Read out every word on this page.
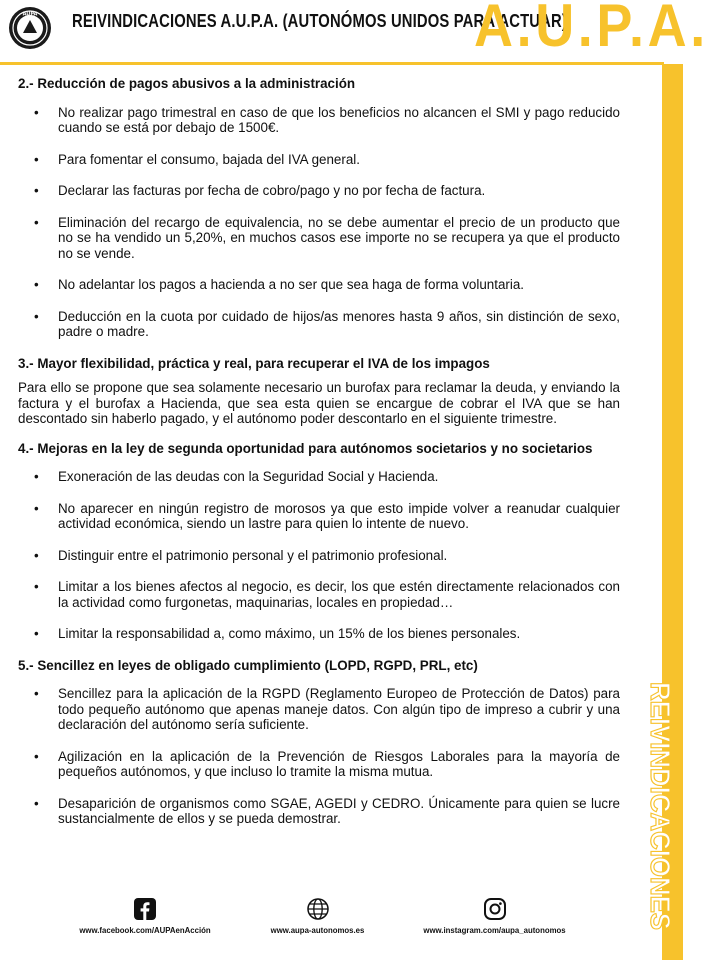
AUPA REIVINDICACIONES A.U.P.A. (AUTONÓMOS UNIDOS PARA ACTUAR)
A.U.P.A.
REIVINDICACIONES
2.- Reducción de pagos abusivos a la administración
• No realizar pago trimestral en caso de que los beneficios no alcancen el SMI y pago reducido cuando se está por debajo de 1500€.
• Para fomentar el consumo, bajada del IVA general.
• Declarar las facturas por fecha de cobro/pago y no por fecha de factura.
• Eliminación del recargo de equivalencia, no se debe aumentar el precio de un producto que no se ha vendido un 5,20%, en muchos casos ese importe no se recupera ya que el producto no se vende.
• No adelantar los pagos a hacienda a no ser que sea haga de forma voluntaria.
• Deducción en la cuota por cuidado de hijos/as menores hasta 9 años, sin distinción de sexo, padre o madre.
3.- Mayor flexibilidad, práctica y real, para recuperar el IVA de los impagos

Para ello se propone que sea solamente necesario un burofax para reclamar la deuda, y enviando la factura y el burofax a Hacienda, que sea esta quien se encargue de cobrar el IVA que se han descontado sin haberlo pagado, y el autónomo poder descontarlo en el siguiente trimestre.

4.- Mejoras en la ley de segunda oportunidad para autónomos societarios y no societarios
• Exoneración de las deudas con la Seguridad Social y Hacienda.
• No aparecer en ningún registro de morosos ya que esto impide volver a reanudar cualquier actividad económica, siendo un lastre para quien lo intente de nuevo.
• Distinguir entre el patrimonio personal y el patrimonio profesional.
• Limitar a los bienes afectos al negocio, es decir, los que estén directamente relacionados con la actividad como furgonetas, maquinarias, locales en propiedad…
• Limitar la responsabilidad a, como máximo, un 15% de los bienes personales.
5.- Sencillez en leyes de obligado cumplimiento (LOPD, RGPD, PRL, etc)
• Sencillez para la aplicación de la RGPD (Reglamento Europeo de Protección de Datos) para todo pequeño autónomo que apenas maneje datos. Con algún tipo de impreso a cubrir y una declaración del autónomo sería suficiente.
• Agilización en la aplicación de la Prevención de Riesgos Laborales para la mayoría de pequeños autónomos, y que incluso lo tramite la misma mutua.
• Desaparición de organismos como SGAE, AGEDI y CEDRO. Únicamente para quien se lucre sustancialmente de ellos y se pueda demostrar.
www.facebook.com/AUPAenAcción	www.aupa-autonomos.es	www.instagram.com/aupa_autonomos
